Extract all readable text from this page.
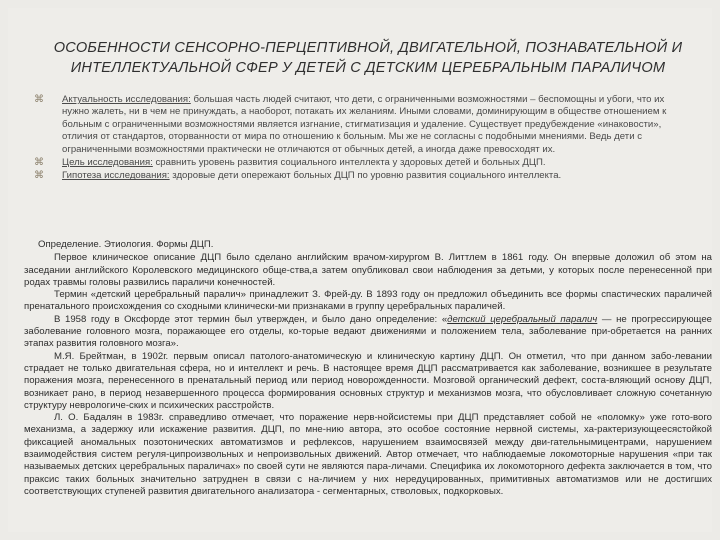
ОСОБЕННОСТИ СЕНСОРНО-ПЕРЦЕПТИВНОЙ, ДВИГАТЕЛЬНОЙ, ПОЗНАВАТЕЛЬНОЙ И ИНТЕЛЛЕКТУАЛЬНОЙ СФЕР У ДЕТЕЙ С ДЕТСКИМ ЦЕРЕБРАЛЬНЫМ ПАРАЛИЧОМ
⌘ Актуальность исследования: большая часть людей считают, что дети, с ограниченными возможностями – беспомощны и убоги, что их нужно жалеть, ни в чем не принуждать, а наоборот, потакать их желаниям. Иными словами, доминирующим в обществе отношением к больным с ограниченными возможностями является изгнание, стигматизация и удаление. Существует предубеждение «инаковости», отличия от стандартов, оторванности от мира по отношению к больным. Мы же не согласны с подобными мнениями. Ведь дети с ограниченными возможностями практически не отличаются от обычных детей, а иногда даже превосходят их.
⌘ Цель исследования: сравнить уровень развития социального интеллекта у здоровых детей и больных ДЦП.
⌘ Гипотеза исследования: здоровые дети опережают больных ДЦП по уровню развития социального интеллекта.

Определение. Этиология. Формы ДЦП.

Первое клиническое описание ДЦП было сделано английским врачом-хирургом В. Литтлем в 1861 году. Он впервые доложил об этом на заседании английского Королевского медицинского обще-ства,а затем опубликовал свои наблюдения за детьми, у которых после перенесенной при родах травмы головы развились параличи конечностей.

Термин «детский церебральный паралич» принадлежит З. Фрей-ду. В 1893 году он предложил объединить все формы спастических параличей пренатального происхождения со сходными клинически-ми признаками в группу церебральных параличей.

В 1958 году в Оксфорде этот термин был утвержден, и было дано определение: «детский церебральный паралич — не прогрессирующее заболевание головного мозга, поражающее его отделы, ко-торые ведают движениями и положением тела, заболевание при-обретается на ранних этапах развития головного мозга».

М.Я. Брейтман, в 1902г. первым описал патолого-анатомическую и клиническую картину ДЦП. Он отметил, что при данном забо-левании страдает не только двигательная сфера, но и интеллект и речь. В настоящее время ДЦП рассматривается как заболевание, возникшее в результате поражения мозга, перенесенного в пренатальный период или период новорожденности. Мозговой органический дефект, соста-вляющий основу ДЦП, возникает рано, в период незавершенного процесса формирования основных структур и механизмов мозга, что обусловливает сложную сочетанную структуру неврологиче-ских и психических расстройств.

Л. О. Бадалян в 1983г. справедливо отмечает, что поражение нерв-нойсистемы при ДЦП представляет собой не «поломку» уже гото-вого механизма, а задержку или искажение развития. ДЦП, по мне-нию автора, это особое состояние нервной системы, ха-рактеризующеесястойкой фиксацией аномальных позотонических автоматизмов и рефлексов, нарушением взаимосвязей между дви-гательнымицентрами, нарушением взаимодействия систем регуля-ципроизвольных и непроизвольных движений. Автор отмечает, что наблюдаемые локомоторные нарушения «при так называемых детских церебральных параличах» по своей сути не являются пара-личами. Специфика их локомоторного дефекта заключается в том, что праксис таких больных значительно затруднен в связи с на-личием у них нередуцированных, примитивных автоматизмов или не достигших соответствующих ступеней развития двигательного анализатора - сегментарных, стволовых, подкорковых.
